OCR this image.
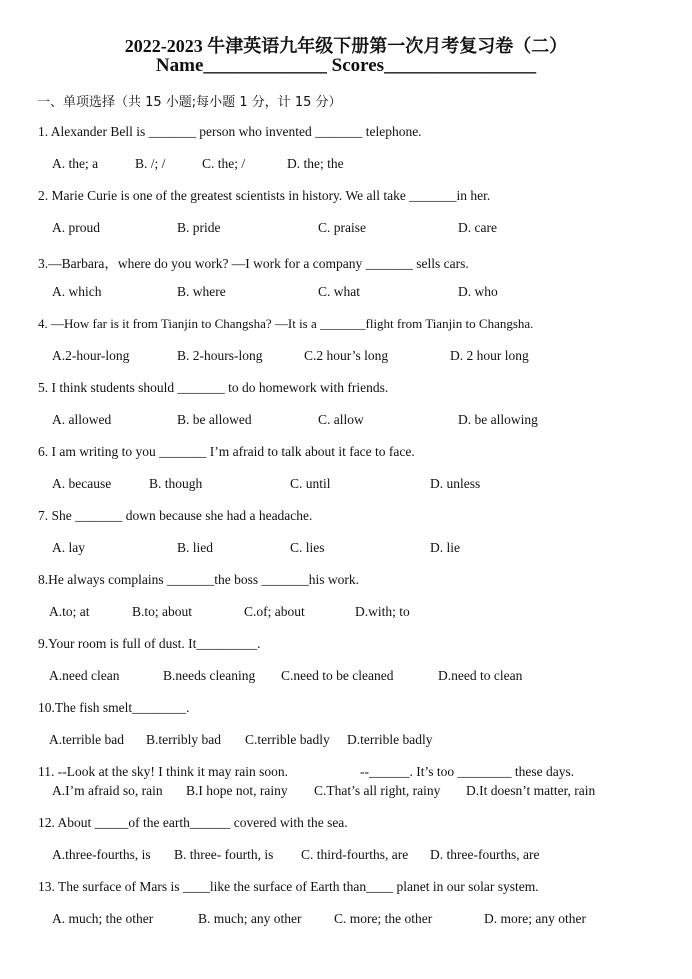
2022-2023 牛津英语九年级下册第一次月考复习卷（二）
Name_____________ Scores________________
一、单项选择（共 15 小题;每小题 1 分，计 15 分）
1. Alexander Bell is _______ person who invented _______ telephone.
A. the; a	B. /; /	C. the; /	D. the; the
2. Marie Curie is one of the greatest scientists in history. We all take _______in her.
A. proud	B. pride	C. praise	D. care
3.—Barbara，where do you work? —I work for a company _______ sells cars.
A. which	B. where	C. what	D. who
4. —How far is it from Tianjin to Changsha? —It is a _______flight from Tianjin to Changsha.
A.2-hour-long	B. 2-hours-long	C.2 hour’s long	D. 2 hour long
5. I think students should _______ to do homework with friends.
A. allowed	B. be allowed	C. allow	D. be allowing
6. I am writing to you _______ I’m afraid to talk about it face to face.
A. because	B. though	C. until	D. unless
7. She _______ down because she had a headache.
A. lay	B. lied	C. lies	D. lie
8.He always complains _______the boss _______his work.
A.to; at	B.to; about	C.of; about	D.with; to
9.Your room is full of dust. It_________.
A.need clean	B.needs cleaning C.need to be cleaned	D.need to clean
10.The fish smelt________.
A.terrible bad B.terribly bad C.terrible badly D.terrible badly
11. --Look at the sky! I think it may rain soon.	--______. It’s too ________ these days.
A.I’m afraid so, rain B.I hope not, rainy C.That’s all right, rainy D.It doesn’t matter, rain
12. About _____of the earth______ covered with the sea.
A.three-fourths, is B. three- fourth, is C. third-fourths, are D. three-fourths, are
13. The surface of Mars is ____like the surface of Earth than____ planet in our solar system.
A. much; the other	B. much; any other C. more; the other	D. more; any other
